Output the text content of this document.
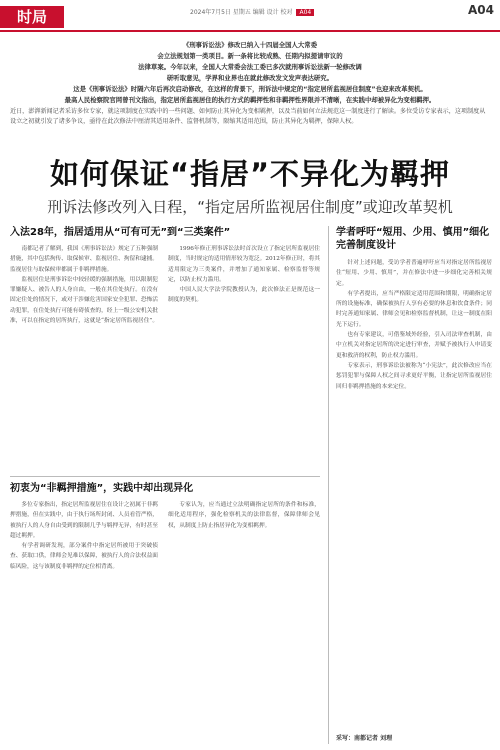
时局	2024年7月5日 星期五 编辑 设计 校对 A04	A04
《刑事诉讼法》修改已纳入十四届全国人大常委
会立法规划第一类项目。新一条将比较成熟、任期内拟提请审议的
法律草案。今年以来，全国人大常委会法工委已多次就刑事诉讼法新一轮修改调
研听取意见，学界和业界也在就此修改发文发声表达研究。
这是《刑事诉讼法》时隔六年后再次启动修改，在这样的背景下，刑诉法中规定的“指定居所监视居住制度”也迎来改革契机。
最高人民检察院官网曾刊文指出，指定居所监视居住的执行方式的羁押性和非羁押性界限并不清晰，在实践中却被异化为变相羁押。
近日，澎湃新闻记者采访多位专家，就这项制度在实践中的一些问题、如何防止其异化为变相羁押，以及当前如何立法规范这一制度进行了解读。多位受访专家表示，这项制度从设立之初就引发了诸多争议，亟待在此次修法中厘清其适用条件、监督机制等，限缩其适用范围，防止其异化为羁押，保障人权。
如何保证“指居”不异化为羁押
刑诉法修改列入日程，“指定居所监视居住制度”或迎改革契机
入法28年，指居适用从“可有可无”到“三类案件”

南都记者了解到，我国《刑事诉讼法》规定了五种强制措施，其中包括拘传、取保候审、监视居住、拘留和逮捕。监视居住与取保候审都属于非羁押措施。

监视居住是刑事诉讼中较轻缓的强制措施，用以限制犯罪嫌疑人、被告人的人身自由，一般在其住处执行。在没有固定住处的情况下，或对于涉嫌危害国家安全犯罪、恐怖活动犯罪，在住处执行可能有碍侦查的，经上一级公安机关批准，可以在指定的居所执行，这就是“指定居所监视居住”。

1996年修正刑事诉讼法时首次设立了指定居所监视居住制度，当时规定的适用情形较为宽泛。2012年修正时，将其适用限定为三类案件，并增加了通知家属、检察监督等规定，以防止权力滥用。

中国人民大学法学院教授认为，此次修法正是规范这一制度的契机。

初衷为“非羁押措施”，实践中却出现异化

多位专家指出，指定居所监视居住在设计之初属于非羁押措施，但在实践中，由于执行场所封闭、人员看管严格，被执行人的人身自由受到的限制几乎与羁押无异，有时甚至超过羁押。

有学者调研发现，部分案件中指定居所被用于突破侦查、获取口供，律师会见难以保障，被执行人的合法权益面临风险，这与该制度非羁押的定位相背离。

专家认为，应当通过立法明确指定居所的条件和标准，细化适用程序，强化检察机关的法律监督，保障律师会见权，从制度上防止指居异化为变相羁押。

学者呼吁“短用、少用、慎用”细化完善制度设计

针对上述问题，受访学者普遍呼吁应当对指定居所监视居住“短用、少用、慎用”，并在修法中进一步细化完善相关规定。

有学者提出，应当严格限定适用范围和期限，明确指定居所的设施标准，确保被执行人享有必要的休息和饮食条件；同时完善通知家属、律师会见和检察监督机制，让这一制度在阳光下运行。

也有专家建议，可借鉴域外经验，引入司法审查机制，由中立机关对指定居所的决定进行审查，并赋予被执行人申请变更和救济的权利，防止权力滥用。

专家表示，刑事诉讼法被称为“小宪法”，此次修改应当在惩罚犯罪与保障人权之间寻求更好平衡，让指定居所监视居住回归非羁押措施的本来定位。

采写：南都记者 刘理
